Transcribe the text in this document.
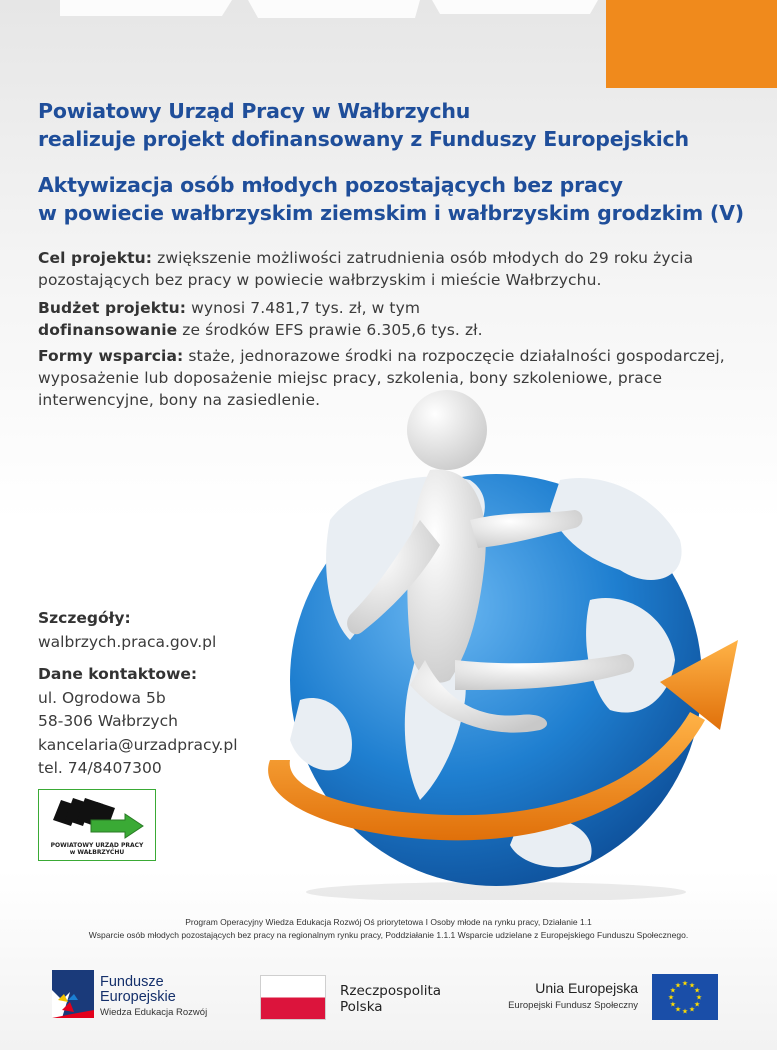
Powiatowy Urząd Pracy w Wałbrzychu
realizuje projekt dofinansowany z Funduszy Europejskich
Aktywizacja osób młodych pozostających bez pracy
w powiecie wałbrzyskim ziemskim i wałbrzyskim grodzkim (V)

Cel projektu: zwiększenie możliwości zatrudnienia osób młodych do 29 roku życia pozostających bez pracy w powiecie wałbrzyskim i mieście Wałbrzychu.

Budżet projektu: wynosi 7.481,7 tys. zł, w tym
dofinansowanie ze środków EFS prawie 6.305,6 tys. zł.

Formy wsparcia: staże, jednorazowe środki na rozpoczęcie działalności gospodarczej, wyposażenie lub doposażenie miejsc pracy, szkolenia, bony szkoleniowe, prace interwencyjne, bony na zasiedlenie.

Szczegóły:

walbrzych.praca.gov.pl

Dane kontaktowe:

ul. Ogrodowa 5b

58-306 Wałbrzych

kancelaria@urzadpracy.pl

tel. 74/8407300

POWIATOWY URZĄD PRACY

w WAŁBRZYCHU

Program Operacyjny Wiedza Edukacja Rozwój Oś priorytetowa I Osoby młode na rynku pracy, Działanie 1.1

Wsparcie osób młodych pozostających bez pracy na regionalnym rynku pracy, Poddziałanie 1.1.1 Wsparcie udzielane z Europejskiego Funduszu Społecznego.

Fundusze

Europejskie

Wiedza Edukacja Rozwój

Rzeczpospolita

Polska

Unia Europejska

Europejski Fundusz Społeczny

★
★
★
★
★
★
★
★
★ ★ ★
★
